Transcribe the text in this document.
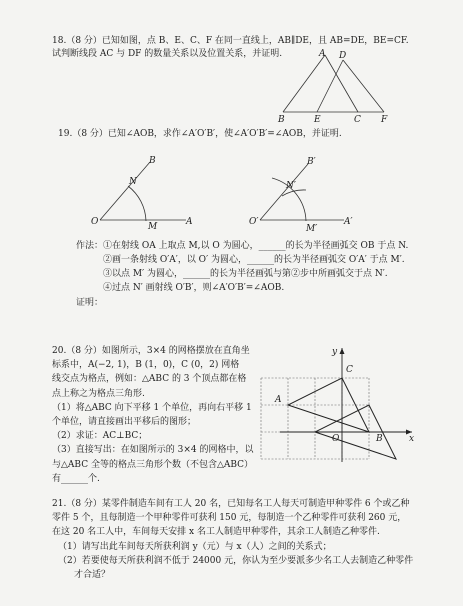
18.（8 分）已知如图，点 B、E、C、F 在同一直线上，AB∥DE，且 AB=DE，BE=CF.
试判断线段 AC 与 DF 的数量关系以及位置关系，并证明.	A D
B	E	C F
19.（8 分）已知∠AOB，求作∠A′O′B′，使∠A′O′B′=∠AOB，并证明.
B
N
O	M	A
B′
N′
O′
M′
A′
作法：①在射线 OA 上取点 M,以 O 为圆心，______的长为半径画弧交 OB 于点 N.
②画一条射线 O′A′，以 O′ 为圆心，______的长为半径画弧交 O′A′ 于点 M′.
③以点 M′ 为圆心，______的长为半径画弧与第②步中所画弧交于点 N′.
④过点 N′ 画射线 O′B′，则∠A′O′B′=∠AOB.
证明：
20.（8 分）如图所示，3×4 的网格摆放在直角坐
标系中，A(−2, 1)，B (1，0)，C (0，2) 网格
线交点为格点，例如：△ABC 的 3 个顶点都在格
点上称之为格点三角形.
（1）将△ABC 向下平移 1 个单位，再向右平移 1
个单位，请直接画出平移后的图形；
（2）求证：AC⊥BC；
（3）直接写出：在如图所示的 3×4 的网格中，以
与△ABC 全等的格点三角形个数（不包含△ABC）
有______个.
y
x
A
C
O	B
21.（8 分）某零件制造车间有工人 20 名，已知每名工人每天可制造甲种零件 6 个或乙种
零件 5 个，且每制造一个甲种零件可获利 150 元，每制造一个乙种零件可获利 260 元，
在这 20 名工人中，车间每天安排 x 名工人制造甲种零件，其余工人制造乙种零件.
（1）请写出此车间每天所获利润 y（元）与 x（人）之间的关系式；
（2）若要使每天所获利润不低于 24000 元，你认为至少要派多少名工人去制造乙种零件
才合适？
